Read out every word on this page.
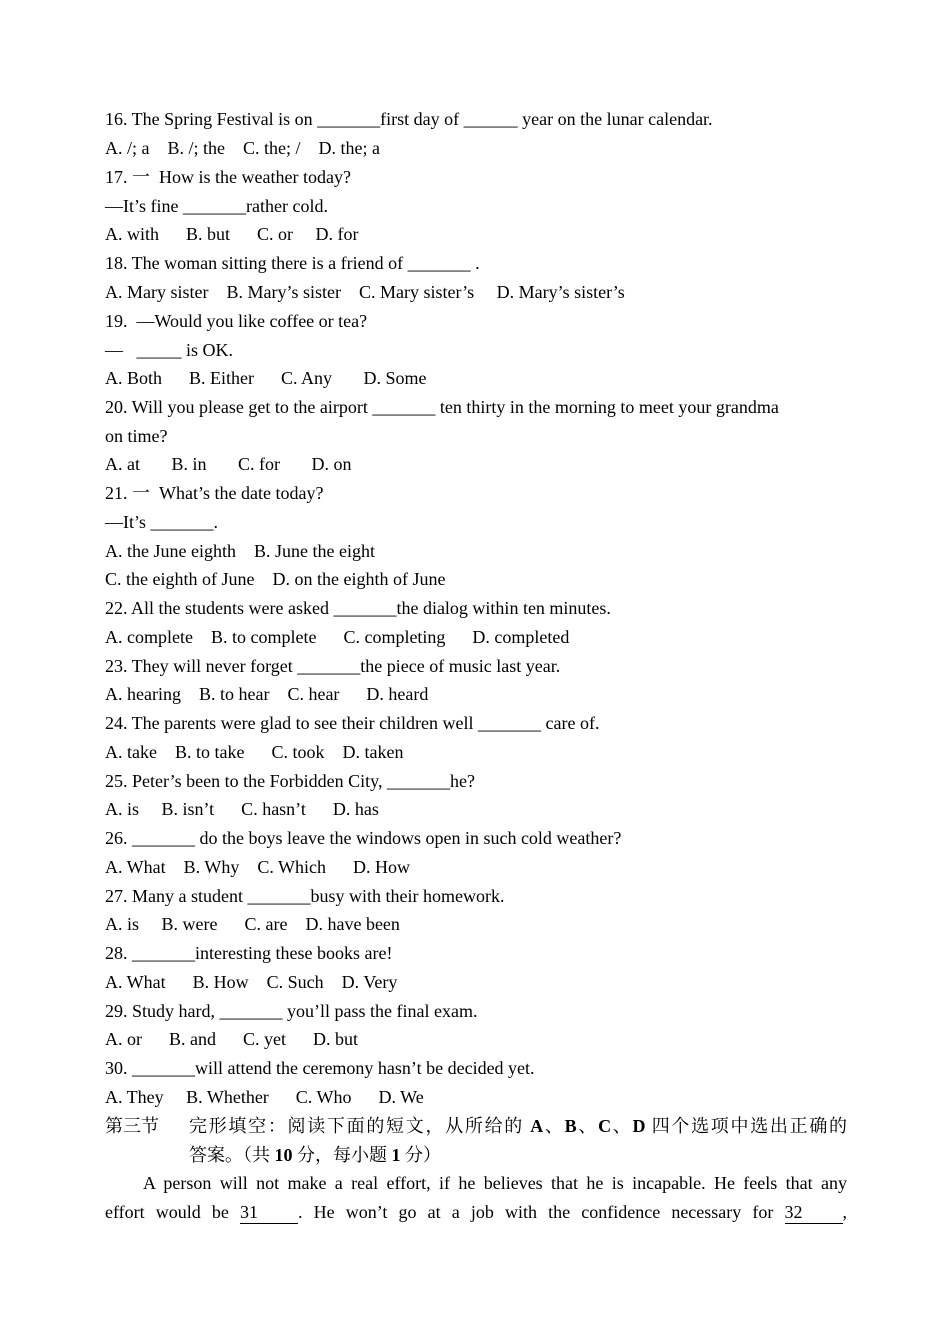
16. The Spring Festival is on _______first day of ______ year on the lunar calendar.
A. /; a    B. /; the    C. the; /    D. the; a
17. 一  How is the weather today?
—It’s fine _______rather cold.
A. with      B. but      C. or     D. for
18. The woman sitting there is a friend of _______ .
A. Mary sister    B. Mary’s sister    C. Mary sister’s     D. Mary’s sister’s
19.  —Would you like coffee or tea?
—   _____ is OK.
A. Both      B. Either      C. Any       D. Some
20. Will you please get to the airport _______ ten thirty in the morning to meet your grandma
on time?
A. at       B. in       C. for       D. on
21. 一  What’s the date today?
—It’s _______.
A. the June eighth    B. June the eight
C. the eighth of June    D. on the eighth of June
22. All the students were asked _______the dialog within ten minutes.
A. complete    B. to complete      C. completing      D. completed
23. They will never forget _______the piece of music last year.
A. hearing    B. to hear    C. hear      D. heard
24. The parents were glad to see their children well _______ care of.
A. take    B. to take      C. took    D. taken
25. Peter’s been to the Forbidden City, _______he?
A. is     B. isn’t      C. hasn’t      D. has
26. _______ do the boys leave the windows open in such cold weather?
A. What    B. Why    C. Which      D. How
27. Many a student _______busy with their homework.
A. is     B. were      C. are    D. have been
28. _______interesting these books are!
A. What      B. How    C. Such    D. Very
29. Study hard, _______ you’ll pass the final exam.
A. or      B. and      C. yet      D. but
30. _______will attend the ceremony hasn’t be decided yet.
A. They     B. Whether      C. Who      D. We
第三节 完形填空：阅读下面的短文，从所给的 A、B、C、D 四个选项中选出正确的
答案。（共 10 分，每小题 1 分）
A person will not make a real effort, if he believes that he is incapable. He feels that any
effort would be 31 . He won’t go at a job with the confidence necessary for 32 ,
